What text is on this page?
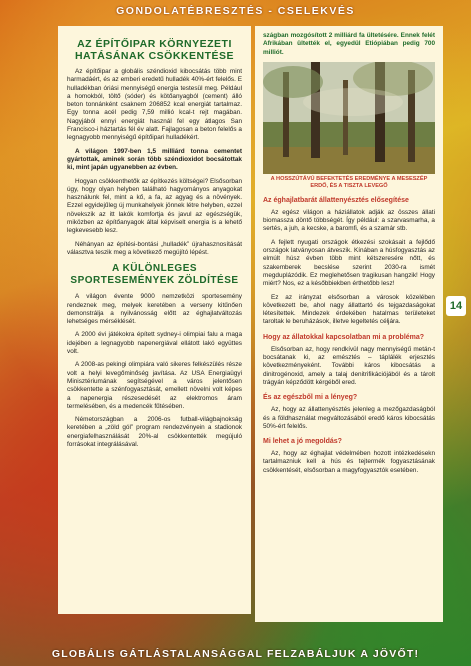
GONDOLATÉBRESZTÉS - CSELEKVÉS
AZ ÉPÍTŐIPAR KÖRNYEZETI HATÁSÁNAK CSÖKKENTÉSE

Az építőipar a globális széndioxid kibocsátás több mint harmadáért, és az emberi eredetű hulladék 40%-ért felelős. E hulladékban óriási mennyiségű energia testesül meg. Például a homokból, töltő (sóder) és kötőanyagból (cement) álló beton tonnánként csaknem 206852 kcal energiát tartalmaz. Egy tonna acél pedig 7,59 millió kcal-t rejt magában. Nagyjából ennyi energiát használ fel egy átlagos San Francisco-i háztartás fél év alatt. Fajlagosan a beton felelős a legnagyobb mennyiségű építőipari hulladékért.

A világon 1997-ben 1,5 milliárd tonna cementet gyártottak, aminek során több széndioxidot bocsátottak ki, mint japán ugyanebben az évben.

Hogyan csökkenthetők az építkezés költségei? Elsősorban úgy, hogy olyan helyben található hagyományos anyagokat használunk fel, mint a kő, a fa, az agyag és a növények. Ezzel egyidejűleg új munkahelyek jönnek létre helyben, ezzel növekszik az itt lakók komfortja és javul az egészségük, miközben az építőanyagok által képviselt energia is a lehető legkevesebb lesz.

Néhányan az építési-bontási „hulladék” újrahasznosítását választva teszik meg a következő megújító lépést.

A KÜLÖNLEGES SPORTESEMÉNYEK ZÖLDÍTÉSE

A világon évente 9000 nemzetközi sportesemény rendeznek meg, melyek keretében a verseny kitűnően demonstrálja a nyilvánosság előtt az éghajlatváltozás lehetséges mérséklését.

A 2000 évi játékokra épített sydney-i olimpiai falu a maga idejében a legnagyobb napenergiával ellátott lakó együttes volt.

A 2008-as pekingi olimpiára való sikeres felkészülés része volt a helyi levegőminőség javítása. Az USA Energiaügyi Minisztériumának segítségével a város jelentősen csökkentette a szénfogyasztását, emellett növelni volt képes a napenergia részesedését az elektromos áram termelésében, és a medencék fűtésében.

Németországban a 2006-os futball-világbajnokság keretében a „zöld gól” program rendezvényein a stadionok energiafelhasználását 20%-al csökkentették megújuló forrásokat integrálásával.

szágban mozgósított 2 milliárd fa ültetésére. Ennek felét Afrikában ültették el, egyedül Etiópiában pedig 700 milliót.

A HOSSZÚTÁVÚ BEFEKTETÉS EREDMÉNYE A MESESZÉP ERDŐ, ÉS A TISZTA LEVEGŐ
Az éghajlatbarát állattenyésztés elősegítése

Az egész világon a háziállatok adják az összes állati biomassza döntő többségét. Így például: a szarvasmarha, a sertés, a juh, a kecske, a baromfi, és a szamár stb.

A fejlett nyugati országok étkezési szokásait a fejlődő országok latványosan átveszik. Kínában a húsfogyasztás az elmúlt húsz évben több mint kétszeresére nőtt, és szakemberek becslése szerint 2030-ra ismét megduplázódik. Ez meglehetősen tragikusan hangzik! Hogy miért? Nos, ez a későbbiekben érthetőbb lesz!

Ez az irányzat elsősorban a városok közelében következett be, ahol nagy állattartó és tejgazdaságokat létesítettek. Mindezek érdekében hatalmas területeket taroltak le beruházások, illetve legeltetés céljára.

Hogy az állatokkal kapcsolatban mi a probléma?

Elsősorban az, hogy rendkívül nagy mennyiségű metán-t bocsátanak ki, az emésztés – táplálék erjesztés következményeként. További káros kibocsátás a dinitrogénoxid, amely a talaj denitrifikációjából és a tárolt trágyán képződött kérgéből ered.

És az egészből mi a lényeg?

Az, hogy az állattenyésztés jelenleg a mezőgazdaságból és a földhasználat megváltozásából eredő káros kibocsátás 50%-ért felelős.

Mi lehet a jó megoldás?

Az, hogy az éghajlat védelmében hozott intézkedésekn tartalmazniuk kell a hús és tejtermék fogyasztásának csökkentését, elsősorban a magyfogyasztók esetében.

14
GLOBÁLIS GÁTLÁSTALANSÁGGAL FELZABÁLJUK A JÖVŐT!
